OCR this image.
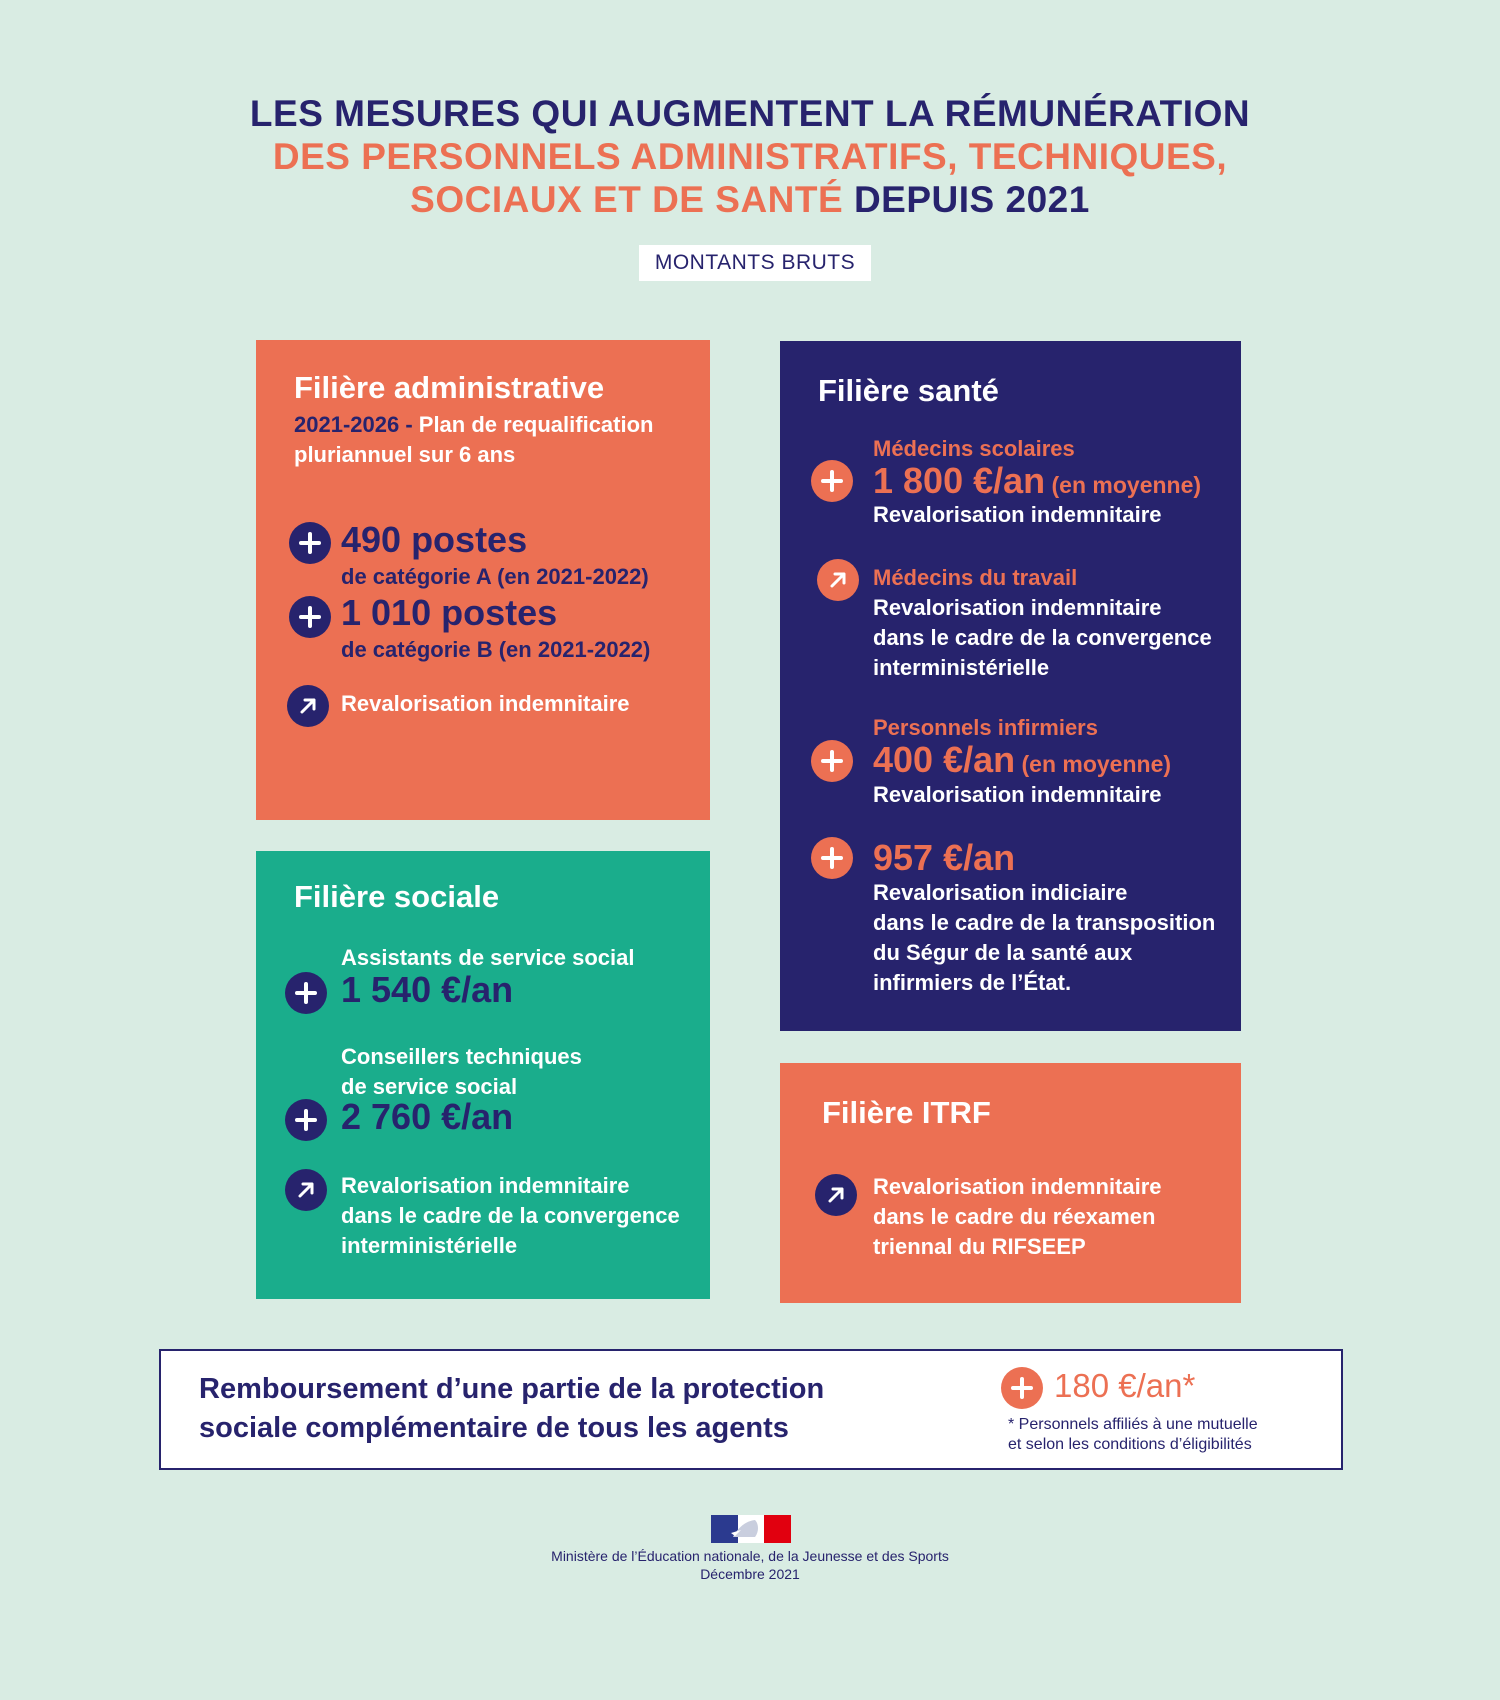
LES MESURES QUI AUGMENTENT LA RÉMUNÉRATION
DES PERSONNELS ADMINISTRATIFS, TECHNIQUES,
SOCIAUX ET DE SANTÉ DEPUIS 2021
MONTANTS BRUTS
Filière administrative
2021-2026 - Plan de requalification
pluriannuel sur 6 ans
490 postes
de catégorie A (en 2021-2022)
1 010 postes
de catégorie B (en 2021-2022)
Revalorisation indemnitaire
Filière sociale
Assistants de service social
1 540 €/an
Conseillers techniques
de service social
2 760 €/an
Revalorisation indemnitaire
dans le cadre de la convergence
interministérielle
Filière santé
Médecins scolaires
1 800 €/an (en moyenne)
Revalorisation indemnitaire
Médecins du travail
Revalorisation indemnitaire
dans le cadre de la convergence
interministérielle
Personnels infirmiers
400 €/an (en moyenne)
Revalorisation indemnitaire
957 €/an
Revalorisation indiciaire
dans le cadre de la transposition
du Ségur de la santé aux
infirmiers de l’État.
Filière ITRF
Revalorisation indemnitaire
dans le cadre du réexamen
triennal du RIFSEEP
Remboursement d’une partie de la protection
sociale complémentaire de tous les agents
180 €/an*
* Personnels affiliés à une mutuelle
et selon les conditions d’éligibilités
Ministère de l’Éducation nationale, de la Jeunesse et des Sports
Décembre 2021
